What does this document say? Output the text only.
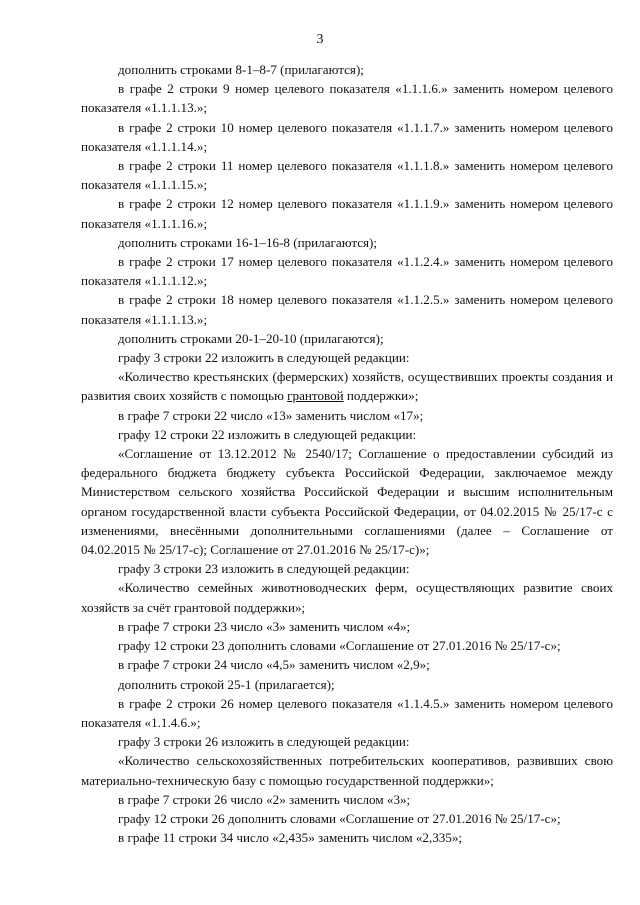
3

дополнить строками 8-1–8-7 (прилагаются);

в графе 2 строки 9 номер целевого показателя «1.1.1.6.» заменить номером целевого показателя «1.1.1.13.»;

в графе 2 строки 10 номер целевого показателя «1.1.1.7.» заменить номером целевого показателя «1.1.1.14.»;

в графе 2 строки 11 номер целевого показателя «1.1.1.8.» заменить номером целевого показателя «1.1.1.15.»;

в графе 2 строки 12 номер целевого показателя «1.1.1.9.» заменить номером целевого показателя «1.1.1.16.»;

дополнить строками 16-1–16-8 (прилагаются);

в графе 2 строки 17 номер целевого показателя «1.1.2.4.» заменить номером целевого показателя «1.1.1.12.»;

в графе 2 строки 18 номер целевого показателя «1.1.2.5.» заменить номером целевого показателя «1.1.1.13.»;

дополнить строками 20-1–20-10 (прилагаются);

графу 3 строки 22 изложить в следующей редакции:

«Количество крестьянских (фермерских) хозяйств, осуществивших проекты создания и развития своих хозяйств с помощью грантовой поддержки»;

в графе 7 строки 22 число «13» заменить числом «17»;

графу 12 строки 22 изложить в следующей редакции:

«Соглашение от 13.12.2012 № 2540/17; Соглашение о предоставлении субсидий из федерального бюджета бюджету субъекта Российской Федерации, заключаемое между Министерством сельского хозяйства Российской Федерации и высшим исполнительным органом государственной власти субъекта Российской Федерации, от 04.02.2015 № 25/17-с с изменениями, внесёнными дополнительными соглашениями (далее – Соглашение от 04.02.2015 № 25/17-с); Соглашение от 27.01.2016 № 25/17-с)»;

графу 3 строки 23 изложить в следующей редакции:

«Количество семейных животноводческих ферм, осуществляющих развитие своих хозяйств за счёт грантовой поддержки»;

в графе 7 строки 23 число «3» заменить числом «4»;

графу 12 строки 23 дополнить словами «Соглашение от 27.01.2016 № 25/17-с»;

в графе 7 строки 24 число «4,5» заменить числом «2,9»;

дополнить строкой 25-1 (прилагается);

в графе 2 строки 26 номер целевого показателя «1.1.4.5.» заменить номером целевого показателя «1.1.4.6.»;

графу 3 строки 26 изложить в следующей редакции:

«Количество сельскохозяйственных потребительских кооперативов, развивших свою материально-техническую базу с помощью государственной поддержки»;

в графе 7 строки 26 число «2» заменить числом «3»;

графу 12 строки 26 дополнить словами «Соглашение от 27.01.2016 № 25/17-с»;

в графе 11 строки 34 число «2,435» заменить числом «2,335»;
